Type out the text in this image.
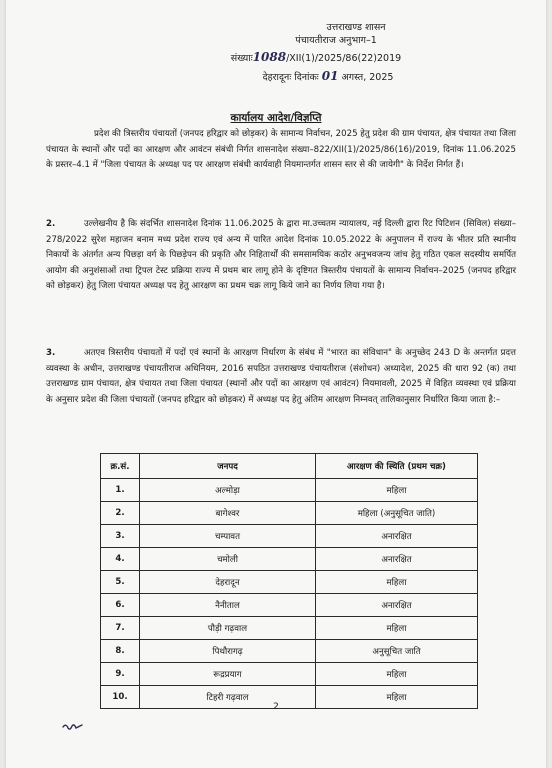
उत्तराखण्ड शासन
पंचायतीराज अनुभाग–1
संख्याः1088/XII(1)/2025/86(22)2019
देहरादूनः दिनांकः 01 अगस्त, 2025
कार्यालय आदेश/विज्ञप्ति
प्रदेश की त्रिस्तरीय पंचायतों (जनपद हरिद्वार को छोड़कर) के सामान्य निर्वाचन, 2025 हेतु प्रदेश की ग्राम पंचायत, क्षेत्र पंचायत तथा जिला पंचायत के स्थानों और पदों का आरक्षण और आवंटन संबंधी निर्गत शासनादेश संख्या–822/XII(1)/2025/86(16)/2019, दिनांक 11.06.2025 के प्रस्तर–4.1 में "जिला पंचायत के अध्यक्ष पद पर आरक्षण संबंधी कार्यवाही नियमान्तर्गत शासन स्तर से की जायेगी" के निर्देश निर्गत हैं।
2.	उल्लेखनीय है कि संदर्भित शासनादेश दिनांक 11.06.2025 के द्वारा मा.उच्चतम न्यायालय, नई दिल्ली द्वारा रिट पिटिशन (सिविल) संख्या–278/2022 सुरेश महाजन बनाम मध्य प्रदेश राज्य एवं अन्य में पारित आदेश दिनांक 10.05.2022 के अनुपालन में राज्य के भीतर प्रति स्थानीय निकायों के अंतर्गत अन्य पिछड़ा वर्ग के पिछड़ेपन की प्रकृति और निहितार्थों की समसामयिक कठोर अनुभवजन्य जांच हेतु गठित एकल सदस्यीय समर्पित आयोग की अनुशंसाओं तथा ट्रिपल टेस्ट प्रक्रिया राज्य में प्रथम बार लागू होने के दृष्टिगत त्रिस्तरीय पंचायतों के सामान्य निर्वाचन–2025 (जनपद हरिद्वार को छोड़कर) हेतु जिला पंचायत अध्यक्ष पद हेतु आरक्षण का प्रथम चक्र लागू किये जाने का निर्णय लिया गया है।
3.	अतएव त्रिस्तरीय पंचायतों में पदों एवं स्थानों के आरक्षण निर्धारण के संबंध में "भारत का संविधान" के अनुच्छेद 243 D के अन्तर्गत प्रदत्त व्यवस्था के अधीन, उत्तराखण्ड पंचायतीराज अधिनियम, 2016 सपठित उत्तराखण्ड पंचायतीराज (संशोधन) अध्यादेश, 2025 की धारा 92 (क) तथा उत्तराखण्ड ग्राम पंचायत, क्षेत्र पंचायत तथा जिला पंचायत (स्थानों और पदों का आरक्षण एवं आवंटन) नियमावली, 2025 में विहित व्यवस्था एवं प्रक्रिया के अनुसार प्रदेश की जिला पंचायतों (जनपद हरिद्वार को छोड़कर) में अध्यक्ष पद हेतु अंतिम आरक्षण निम्नवत् तालिकानुसार निर्धारित किया जाता है:–
क्र.सं.	जनपद	आरक्षण की स्थिति (प्रथम चक्र)
1.	अल्मोड़ा	महिला
2.	बागेश्वर	महिला (अनुसूचित जाति)
3.	चम्पावत	अनारक्षित
4.	चमोली	अनारक्षित
5.	देहरादून	महिला
6.	नैनीताल	अनारक्षित
7.	पौड़ी गढ़वाल	महिला
8.	पिथौरागढ़	अनुसूचित जाति
9.	रूद्रप्रयाग	महिला
10.	टिहरी गढ़वाल	महिला
2
